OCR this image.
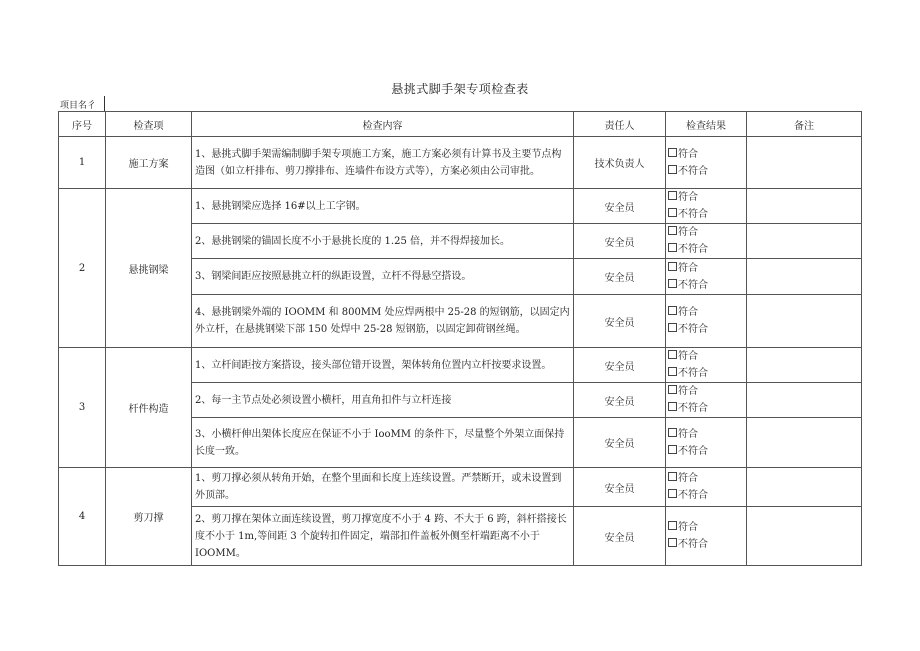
悬挑式脚手架专项检查表
项目名彳
序号	检查项	检查内容	责任人	检查结果	备注
1	施工方案	1、悬挑式脚手架需编制脚手架专项施工方案，施工方案必须有计算书及主要节点构造图（如立杆排布、剪刀撑排布、连墙件布设方式等），方案必须由公司审批。	技术负责人	符合
不符合	

2	悬挑钢梁	1、悬挑钢梁应选择 16#以上工字钢。	安全员	符合
不符合	

		2、悬挑钢梁的锚固长度不小于悬挑长度的 1.25 倍，并不得焊接加长。	安全员	符合
不符合	

		3、钢梁间距应按照悬挑立杆的纵距设置，立杆不得悬空搭设。	安全员	符合
不符合	

		4、悬挑钢梁外端的 IOOMM 和 800MM 处应焊两根中 25-28 的短钢筋，以固定内外立杆，在悬挑钢梁下部 150 处焊中 25-28 短钢筋，以固定卸荷钢丝绳。	安全员	符合
不符合	

3	杆件构造	1、立杆间距按方案搭设，接头部位错开设置，架体转角位置内立杆按要求设置。	安全员	符合
不符合	

		2、每一主节点处必须设置小横杆，用直角扣件与立杆连接	安全员	符合
不符合	

		3、小横杆伸出架体长度应在保证不小于 IooMM 的条件下，尽量整个外架立面保持长度一致。	安全员	符合
不符合	

4	剪刀撑	1、剪刀撑必须从转角开始，在整个里面和长度上连续设置。严禁断开，或未设置到外顶部。	安全员	符合
不符合	

		2、剪刀撑在架体立面连续设置，剪刀撑宽度不小于 4 跨、不大于 6 跨，斜杆搭接长度不小于 1m,等间距 3 个旋转扣件固定，端部扣件盖板外侧至杆端距离不小于 IOOMM。	安全员	符合
不符合	
